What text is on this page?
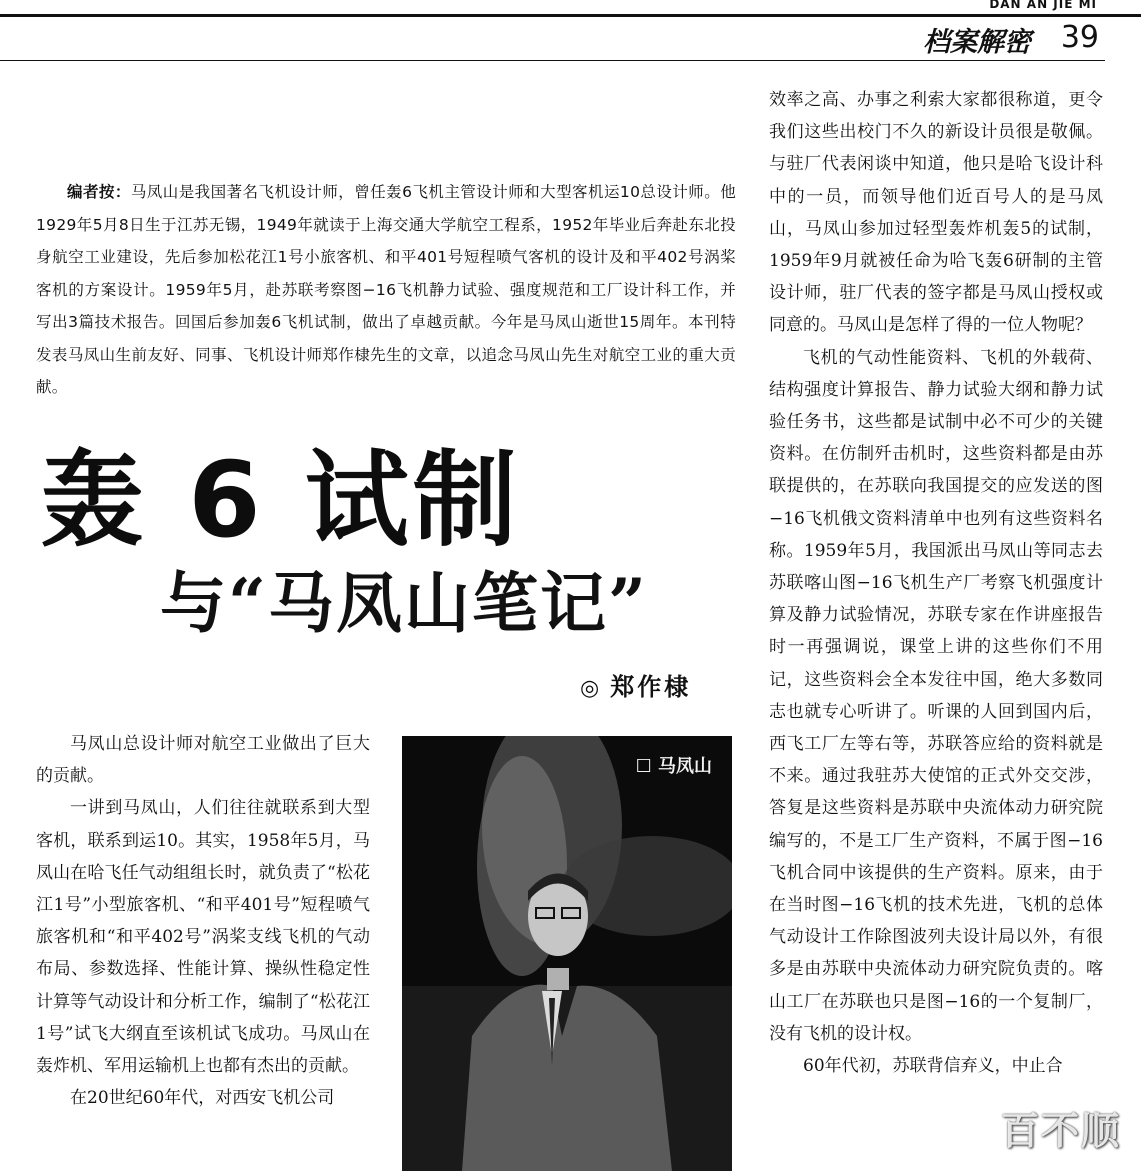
DAN AN JIE MI
档案解密 39
编者按：马凤山是我国著名飞机设计师，曾任轰6飞机主管设计师和大型客机运10总设计师。他1929年5月8日生于江苏无锡，1949年就读于上海交通大学航空工程系，1952年毕业后奔赴东北投身航空工业建设，先后参加松花江1号小旅客机、和平401号短程喷气客机的设计及和平402号涡桨客机的方案设计。1959年5月，赴苏联考察图−16飞机静力试验、强度规范和工厂设计科工作，并写出3篇技术报告。回国后参加轰6飞机试制，做出了卓越贡献。今年是马凤山逝世15周年。本刊特发表马凤山生前友好、同事、飞机设计师郑作棣先生的文章，以追念马凤山先生对航空工业的重大贡献。
轰 6 试制
与“马凤山笔记”
◎ 郑作棣

马凤山总设计师对航空工业做出了巨大的贡献。

一讲到马凤山，人们往往就联系到大型客机，联系到运10。其实，1958年5月，马凤山在哈飞任气动组组长时，就负责了“松花江1号”小型旅客机、“和平401号”短程喷气旅客机和“和平402号”涡桨支线飞机的气动布局、参数选择、性能计算、操纵性稳定性计算等气动设计和分析工作，编制了“松花江1号”试飞大纲直至该机试飞成功。马凤山在轰炸机、军用运输机上也都有杰出的贡献。

在20世纪60年代，对西安飞机公司

☐ 马凤山

效率之高、办事之利索大家都很称道，更令我们这些出校门不久的新设计员很是敬佩。与驻厂代表闲谈中知道，他只是哈飞设计科中的一员，而领导他们近百号人的是马凤山，马凤山参加过轻型轰炸机轰5的试制，1959年9月就被任命为哈飞轰6研制的主管设计师，驻厂代表的签字都是马凤山授权或同意的。马凤山是怎样了得的一位人物呢？

飞机的气动性能资料、飞机的外载荷、结构强度计算报告、静力试验大纲和静力试验任务书，这些都是试制中必不可少的关键资料。在仿制歼击机时，这些资料都是由苏联提供的，在苏联向我国提交的应发送的图−16飞机俄文资料清单中也列有这些资料名称。1959年5月，我国派出马凤山等同志去苏联喀山图−16飞机生产厂考察飞机强度计算及静力试验情况，苏联专家在作讲座报告时一再强调说，课堂上讲的这些你们不用记，这些资料会全本发往中国，绝大多数同志也就专心听讲了。听课的人回到国内后，西飞工厂左等右等，苏联答应给的资料就是不来。通过我驻苏大使馆的正式外交交涉，答复是这些资料是苏联中央流体动力研究院编写的，不是工厂生产资料，不属于图−16飞机合同中该提供的生产资料。原来，由于在当时图−16飞机的技术先进，飞机的总体气动设计工作除图波列夫设计局以外，有很多是由苏联中央流体动力研究院负责的。喀山工厂在苏联也只是图−16的一个复制厂，没有飞机的设计权。

60年代初，苏联背信弃义，中止合

百不顺
